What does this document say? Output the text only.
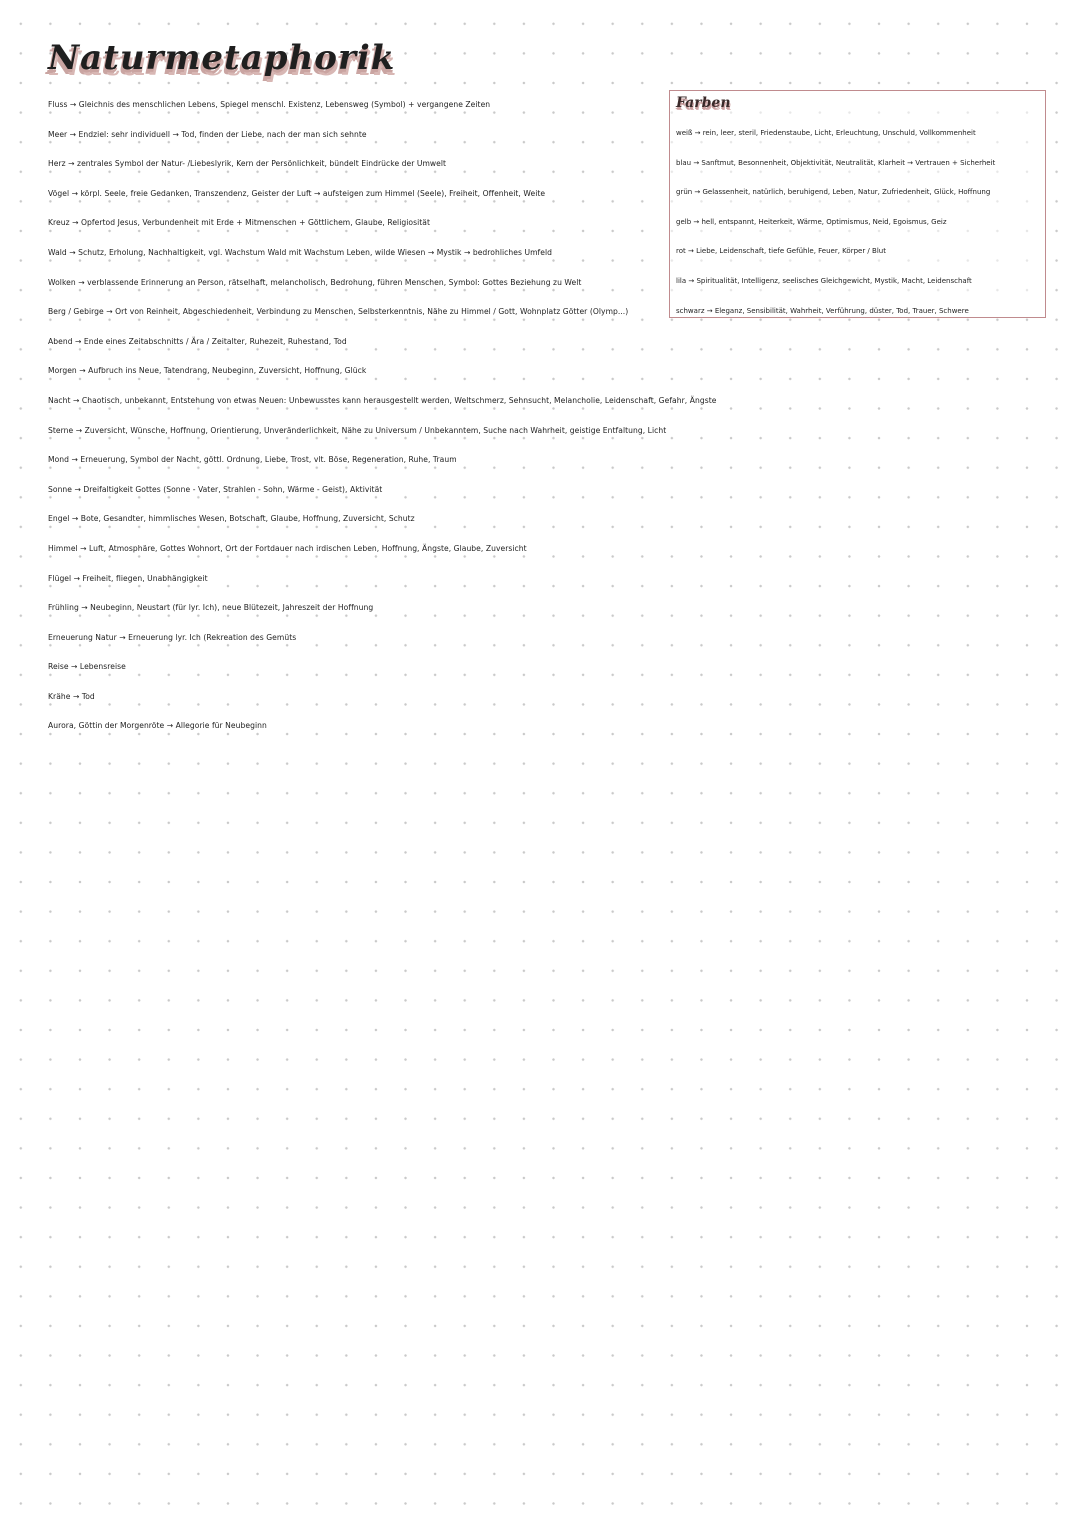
Naturmetaphorik
Fluss → Gleichnis des menschlichen Lebens, Spiegel menschl. Existenz, Lebensweg (Symbol) + vergangene Zeiten
Meer → Endziel: sehr individuell → Tod, finden der Liebe, nach der man sich sehnte
Herz → zentrales Symbol der Natur- /Liebeslyrik, Kern der Persönlichkeit, bündelt Eindrücke der Umwelt
Vögel → körpl. Seele, freie Gedanken, Transzendenz, Geister der Luft → aufsteigen zum Himmel (Seele), Freiheit, Offenheit, Weite
Kreuz → Opfertod Jesus, Verbundenheit mit Erde + Mitmenschen + Göttlichem, Glaube, Religiosität
Wald → Schutz, Erholung, Nachhaltigkeit, vgl. Wachstum Wald mit Wachstum Leben, wilde Wiesen → Mystik → bedrohliches Umfeld
Wolken → verblassende Erinnerung an Person, rätselhaft, melancholisch, Bedrohung, führen Menschen, Symbol: Gottes Beziehung zu Welt
Berg / Gebirge → Ort von Reinheit, Abgeschiedenheit, Verbindung zu Menschen, Selbsterkenntnis, Nähe zu Himmel / Gott, Wohnplatz Götter (Olymp...)
Abend → Ende eines Zeitabschnitts / Ära / Zeitalter, Ruhezeit, Ruhestand, Tod
Morgen → Aufbruch ins Neue, Tatendrang, Neubeginn, Zuversicht, Hoffnung, Glück
Nacht → Chaotisch, unbekannt, Entstehung von etwas Neuen: Unbewusstes kann herausgestellt werden, Weltschmerz, Sehnsucht, Melancholie, Leidenschaft, Gefahr, Ängste
Sterne → Zuversicht, Wünsche, Hoffnung, Orientierung, Unveränderlichkeit, Nähe zu Universum / Unbekanntem, Suche nach Wahrheit, geistige Entfaltung, Licht
Mond → Erneuerung, Symbol der Nacht, göttl. Ordnung, Liebe, Trost, vlt. Böse, Regeneration, Ruhe, Traum
Sonne → Dreifaltigkeit Gottes (Sonne - Vater, Strahlen - Sohn, Wärme - Geist), Aktivität
Engel → Bote, Gesandter, himmlisches Wesen, Botschaft, Glaube, Hoffnung, Zuversicht, Schutz
Himmel → Luft, Atmosphäre, Gottes Wohnort, Ort der Fortdauer nach irdischen Leben, Hoffnung, Ängste, Glaube, Zuversicht
Flügel → Freiheit, fliegen, Unabhängigkeit
Frühling → Neubeginn, Neustart (für lyr. Ich), neue Blütezeit, Jahreszeit der Hoffnung
Erneuerung Natur → Erneuerung lyr. Ich (Rekreation des Gemüts
Reise → Lebensreise
Krähe → Tod
Aurora, Göttin der Morgenröte → Allegorie für Neubeginn
Farben
weiß → rein, leer, steril, Friedenstaube, Licht, Erleuchtung, Unschuld, Vollkommenheit
blau → Sanftmut, Besonnenheit, Objektivität, Neutralität, Klarheit → Vertrauen + Sicherheit
grün → Gelassenheit, natürlich, beruhigend, Leben, Natur, Zufriedenheit, Glück, Hoffnung
gelb → hell, entspannt, Heiterkeit, Wärme, Optimismus, Neid, Egoismus, Geiz
rot → Liebe, Leidenschaft, tiefe Gefühle, Feuer, Körper / Blut
lila → Spiritualität, Intelligenz, seelisches Gleichgewicht, Mystik, Macht, Leidenschaft
schwarz → Eleganz, Sensibilität, Wahrheit, Verführung, düster, Tod, Trauer, Schwere
